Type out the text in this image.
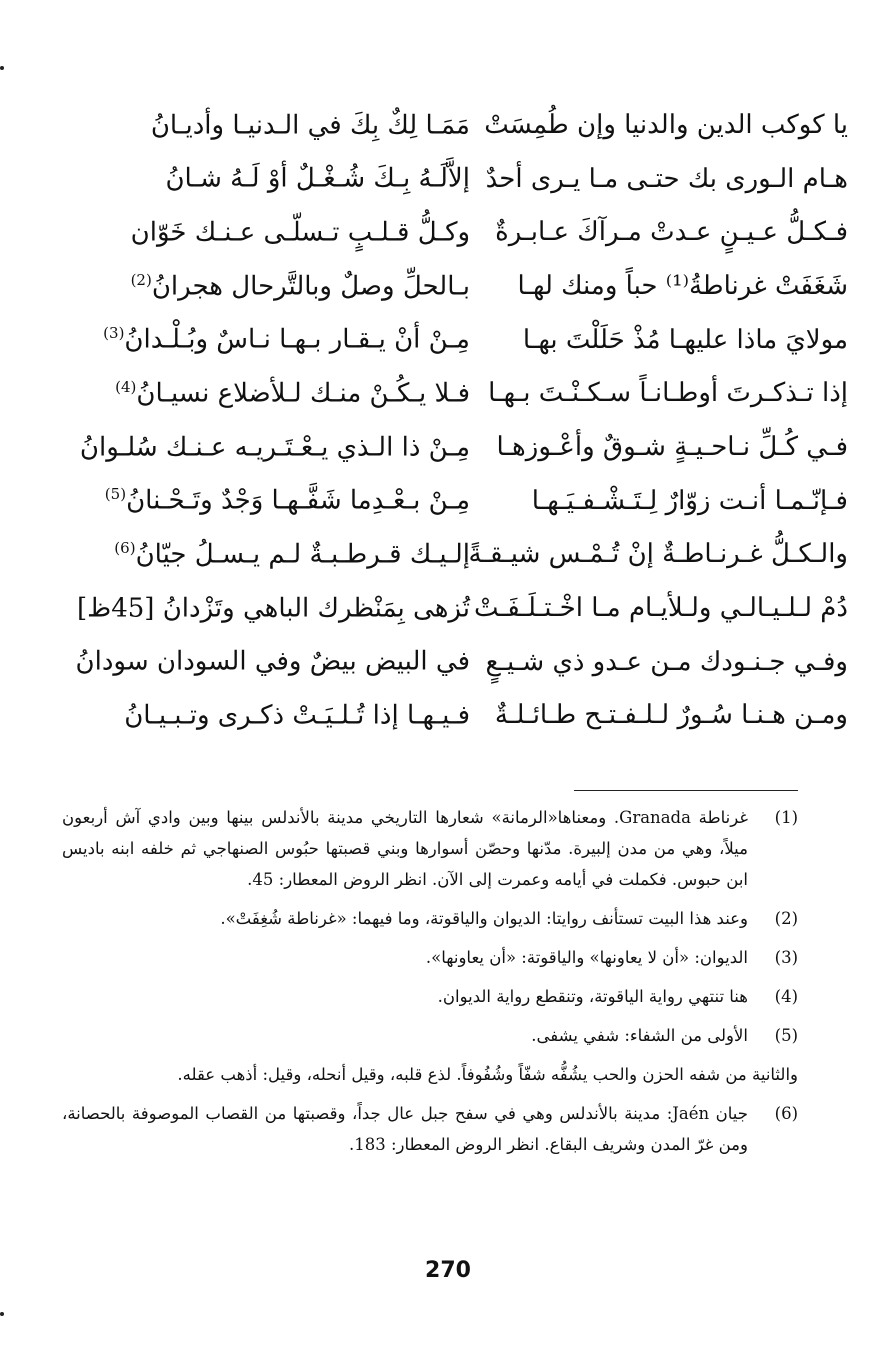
يا كوكب الدين والدنيا وإن طُمِسَتْ
مَمَـا لِكٌ بِكَ في الـدنيـا وأديـانُ
هـام الـورى بك حتـى مـا يـرى أحدٌ
إلاَّلَـهُ بِـكَ شُـغْـلٌ أوْ لَـهُ شـانُ
فـكـلُّ عـيـنٍ عـدتْ مـرآكَ عـابـرةٌ
وكـلُّ قـلـبٍ تـسلّـى عـنـك خَوّان
شَغَفَتْ غرناطةُ⁽¹⁾ حباً ومنك لهـا
بـالحلِّ وصلٌ وبالتَّرحال هجرانُ$^{(2)}$
مولايَ ماذا عليهـا مُذْ حَلَلْتَ بهـا
مِـنْ أنْ يـقـار بـهـا نـاسٌ وبُـلْـدانُ$^{(3)}$
إذا تـذكـرتَ أوطـانـاً سـكـنْـتَ بـهـا
فـلا يـكُـنْ منـك لـلأضلاع نسيـانُ$^{(4)}$
فـي كُـلِّ نـاحـيـةٍ شـوقٌ وأعْـوزهـا
مِـنْ ذا الـذي يـعْـتَـريـه عـنـك سُلـوانُ
فـإنّـمـا أنـت زوّارٌ لِـتَـشْـفـيَـهـا
مِـنْ بـعْـدِما شَفَّـهـا وَجْدٌ وتَـحْـنانُ$^{(5)}$
والـكـلُّ غـرنـاطـةٌ إنْ تُـمْـس شيـقـةً
إلـيـك قـرطـبـةٌ لـم يـسـلُ جيّانُ$^{(6)}$
دُمْ لـلـيـالـي ولـلأيـام مـا اخْـتـلَـفَـتْ
تُزهى بِمَنْظرك الباهي وتَزْدانُ [45ظ]
وفـي جـنـودك مـن عـدو ذي شـيـعٍ
في البيض بيضٌ وفي السودان سودانُ
ومـن هـنـا سُـورٌ لـلـفـتـح طـائـلـةٌ
فـيـهـا إذا تُـلـيَـتْ ذكـرى وتـبـيـانُ
(1)
غرناطة Granada. ومعناها«الرمانة» شعارها التاريخي مدينة بالأندلس بينها وبين وادي آش أربعون ميلاً، وهي من مدن إلبيرة. مدّنها وحصّن أسوارها وبني قصبتها حبُوس الصنهاجي ثم خلفه ابنه باديس ابن حبوس. فكملت في أيامه وعمرت إلى الآن. انظر الروض المعطار: 45.
(2)
وعند هذا البيت تستأنف روايتا: الديوان والياقوتة، وما فيهما: «غرناطة شُغِفَتْ».
(3)
الديوان: «أن لا يعاونها» والياقوتة: «أن يعاونها».
(4)
هنا تنتهي رواية الياقوتة، وتنقطع رواية الديوان.
(5)
الأولى من الشفاء: شفي يشفى.
والثانية من شفه الحزن والحب يشُفُّه شفّاً وشُفُوفاً. لذع قلبه، وقيل أنحله، وقيل: أذهب عقله.
(6)
جيان Jaén: مدينة بالأندلس وهي في سفح جبل عال جداً، وقصبتها من القصاب الموصوفة بالحصانة، ومن غرّ المدن وشريف البقاع. انظر الروض المعطار: 183.
270
